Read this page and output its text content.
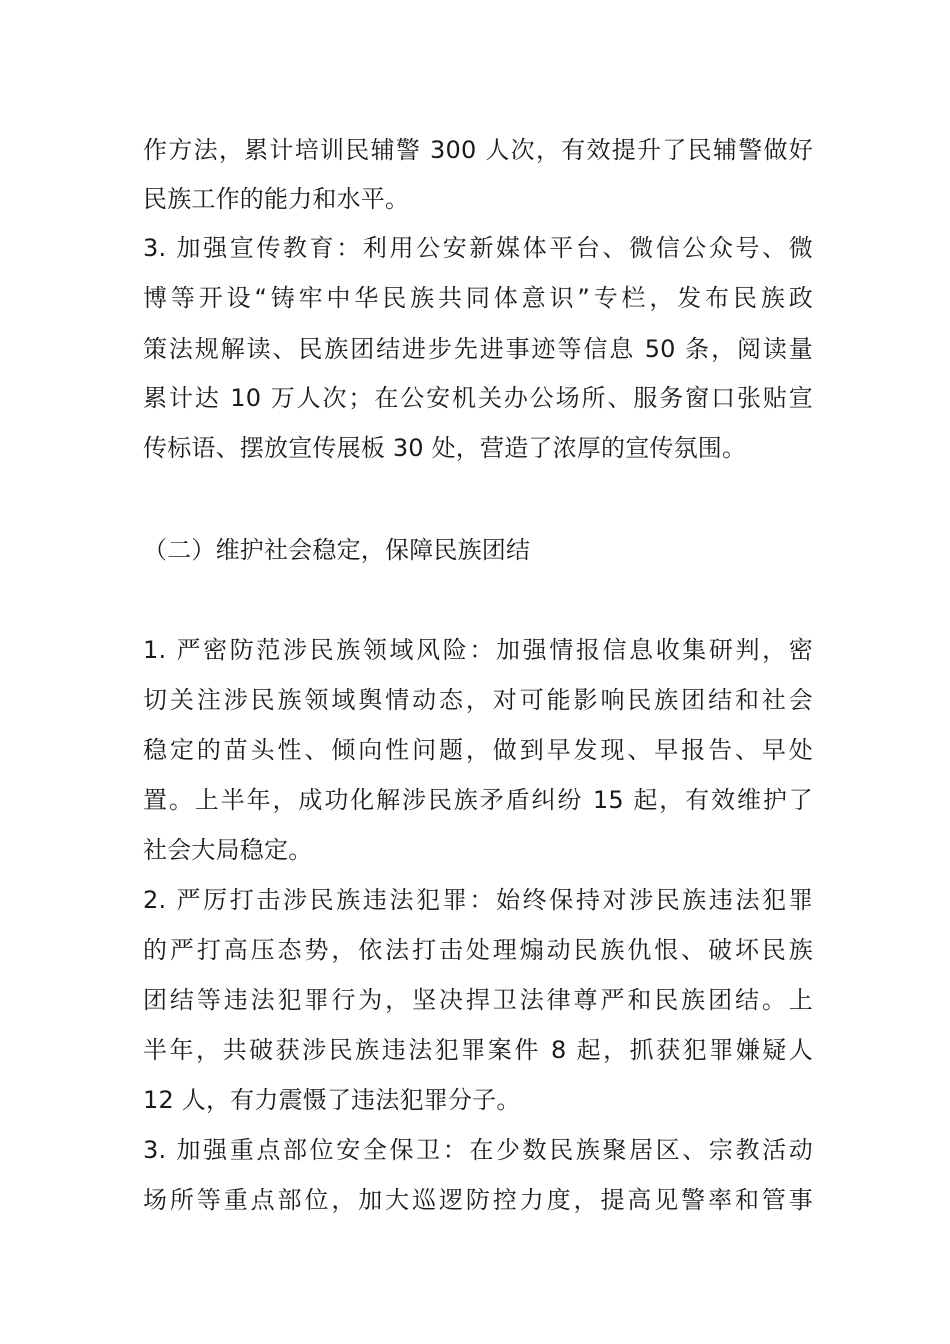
作方法，累计培训民辅警 300 人次，有效提升了民辅警做好
民族工作的能力和水平。
3. 加强宣传教育：利用公安新媒体平台、微信公众号、微
博等开设“铸牢中华民族共同体意识”专栏，发布民族政
策法规解读、民族团结进步先进事迹等信息 50 条，阅读量
累计达 10 万人次；在公安机关办公场所、服务窗口张贴宣
传标语、摆放宣传展板 30 处，营造了浓厚的宣传氛围。
（二）维护社会稳定，保障民族团结
1. 严密防范涉民族领域风险：加强情报信息收集研判，密
切关注涉民族领域舆情动态，对可能影响民族团结和社会
稳定的苗头性、倾向性问题，做到早发现、早报告、早处
置。上半年，成功化解涉民族矛盾纠纷 15 起，有效维护了
社会大局稳定。
2. 严厉打击涉民族违法犯罪：始终保持对涉民族违法犯罪
的严打高压态势，依法打击处理煽动民族仇恨、破坏民族
团结等违法犯罪行为，坚决捍卫法律尊严和民族团结。上
半年，共破获涉民族违法犯罪案件 8 起，抓获犯罪嫌疑人
12 人，有力震慑了违法犯罪分子。
3. 加强重点部位安全保卫：在少数民族聚居区、宗教活动
场所等重点部位，加大巡逻防控力度，提高见警率和管事
